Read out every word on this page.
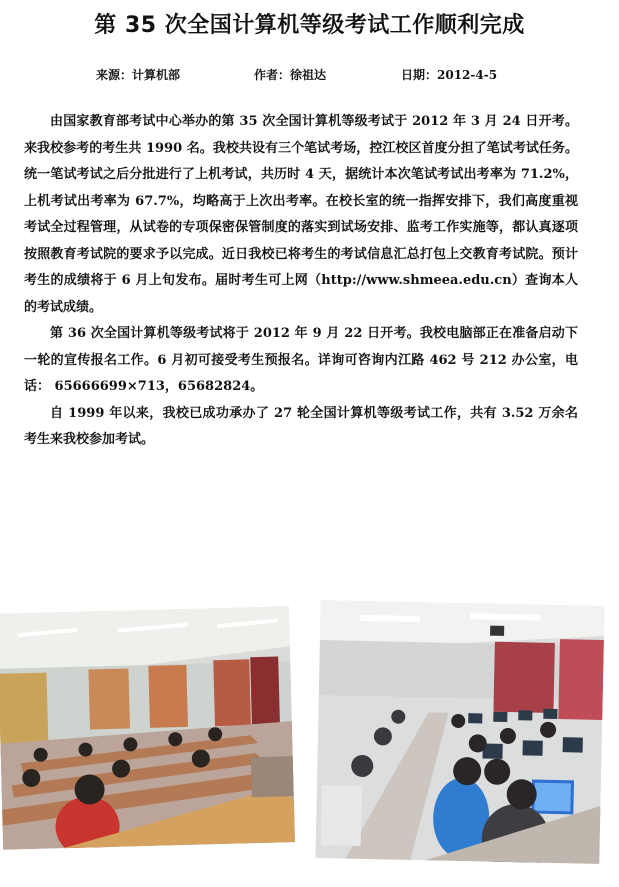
第 35 次全国计算机等级考试工作顺利完成
来源：计算机部	作者：徐祖达	日期：2012-4-5

由国家教育部考试中心举办的第 35 次全国计算机等级考试于 2012 年 3 月 24 日开考。来我校参考的考生共 1990 名。我校共设有三个笔试考场，控江校区首度分担了笔试考试任务。统一笔试考试之后分批进行了上机考试，共历时 4 天，据统计本次笔试考试出考率为 71.2%，上机考试出考率为 67.7%，均略高于上次出考率。在校长室的统一指挥安排下，我们高度重视考试全过程管理，从试卷的专项保密保管制度的落实到试场安排、监考工作实施等，都认真逐项按照教育考试院的要求予以完成。近日我校已将考生的考试信息汇总打包上交教育考试院。预计考生的成绩将于 6 月上旬发布。届时考生可上网（http://www.shmeea.edu.cn）查询本人的考试成绩。

第 36 次全国计算机等级考试将于 2012 年 9 月 22 日开考。我校电脑部正在准备启动下一轮的宣传报名工作。6 月初可接受考生预报名。详询可咨询内江路 462 号 212 办公室，电话： 65666699×713，65682824。

自 1999 年以来，我校已成功承办了 27 轮全国计算机等级考试工作，共有 3.52 万余名考生来我校参加考试。
